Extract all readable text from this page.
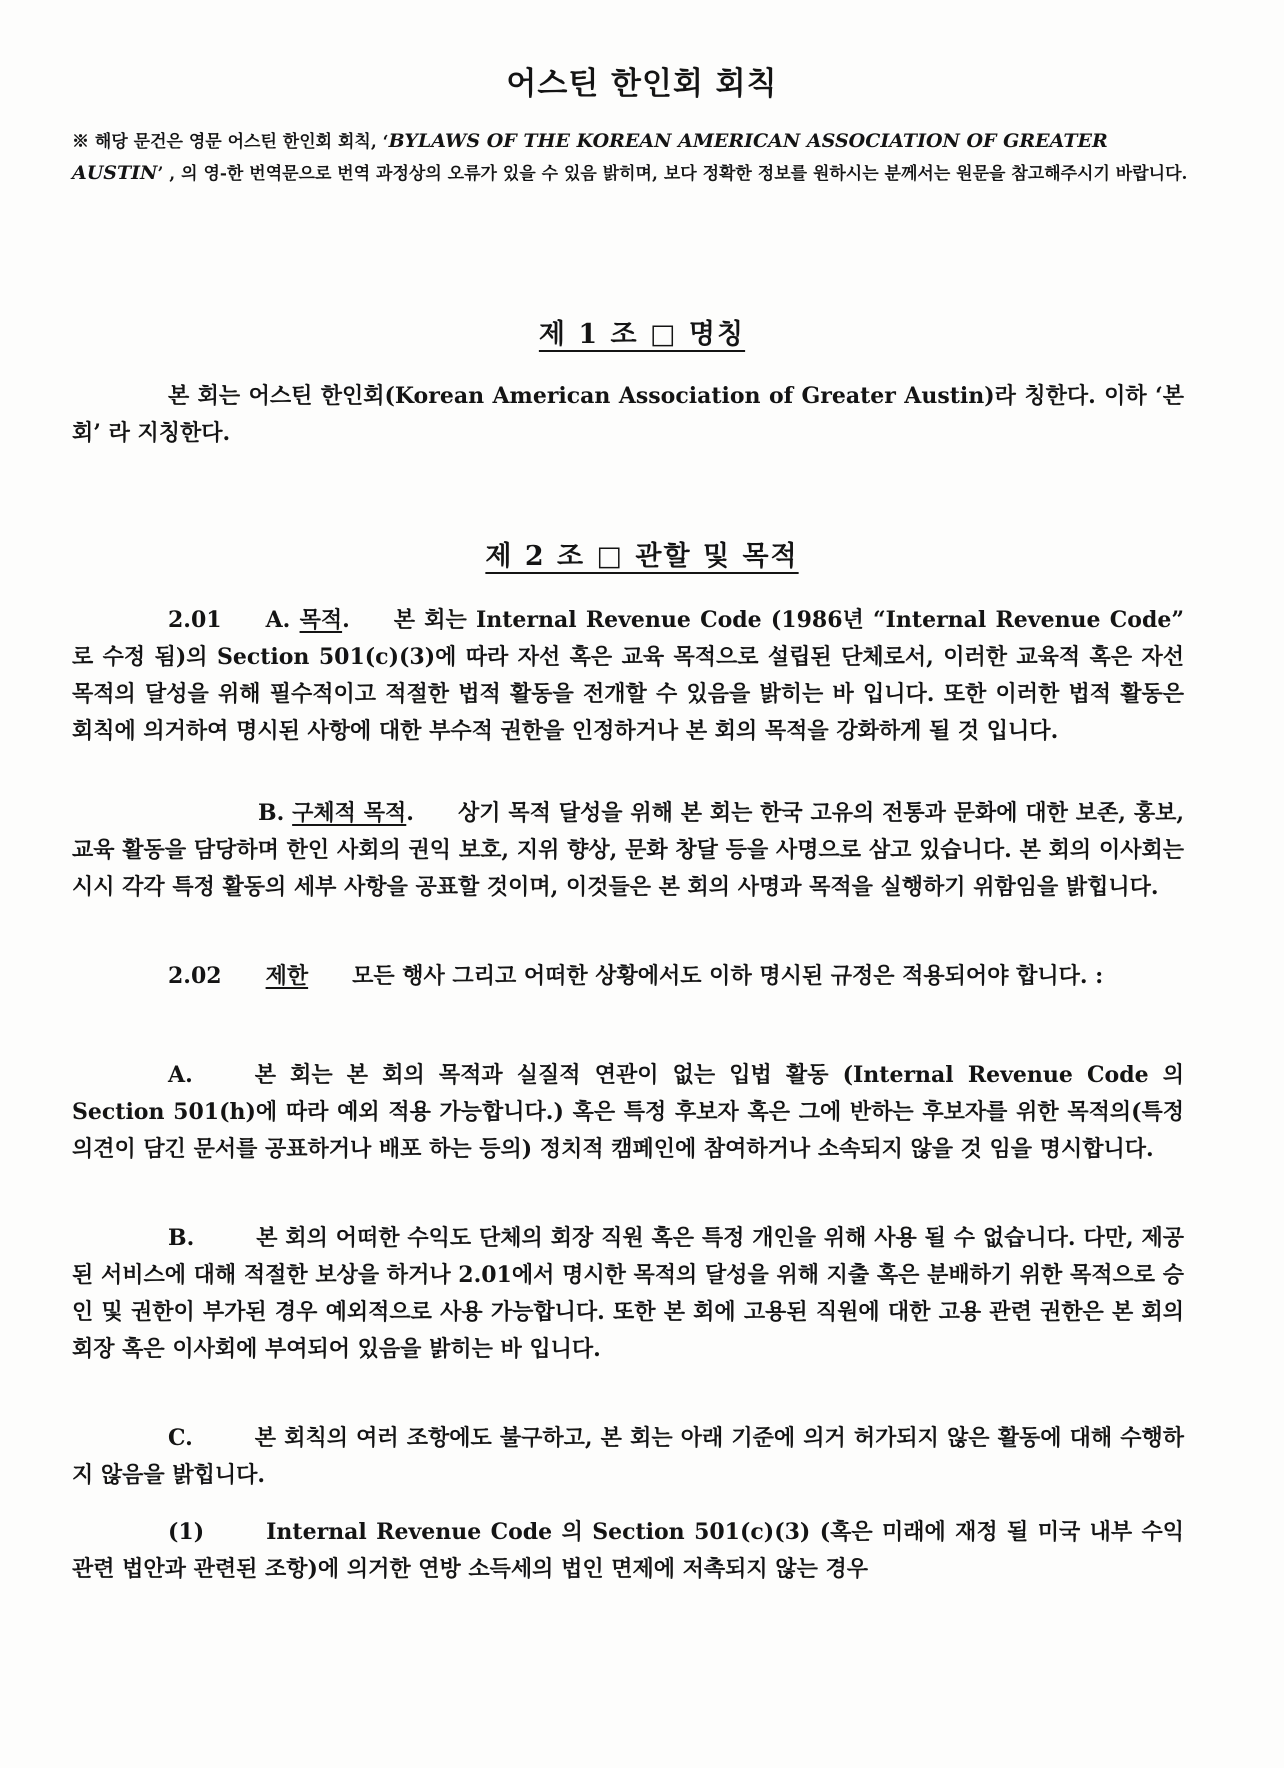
어스틴 한인회 회칙
※ 해당 문건은 영문 어스틴 한인회 회칙, ‘BYLAWS OF THE KOREAN AMERICAN ASSOCIATION OF GREATER AUSTIN’ , 의 영-한 번역문으로 번역 과정상의 오류가 있을 수 있음 밝히며, 보다 정확한 정보를 원하시는 분께서는 원문을 참고해주시기 바랍니다.
제 1 조 □ 명칭
본 회는 어스틴 한인회(Korean American Association of Greater Austin)라 칭한다. 이하 ‘본 회’ 라 지칭한다.
제 2 조 □ 관할 및 목적
2.01 A. 목적. 본 회는 Internal Revenue Code (1986년 “Internal Revenue Code” 로 수정 됨)의 Section 501(c)(3)에 따라 자선 혹은 교육 목적으로 설립된 단체로서, 이러한 교육적 혹은 자선 목적의 달성을 위해 필수적이고 적절한 법적 활동을 전개할 수 있음을 밝히는 바 입니다. 또한 이러한 법적 활동은 회칙에 의거하여 명시된 사항에 대한 부수적 권한을 인정하거나 본 회의 목적을 강화하게 될 것 입니다.
B. 구체적 목적. 상기 목적 달성을 위해 본 회는 한국 고유의 전통과 문화에 대한 보존, 홍보, 교육 활동을 담당하며 한인 사회의 권익 보호, 지위 향상, 문화 창달 등을 사명으로 삼고 있습니다. 본 회의 이사회는 시시 각각 특정 활동의 세부 사항을 공표할 것이며, 이것들은 본 회의 사명과 목적을 실행하기 위함임을 밝힙니다.
2.02 제한 모든 행사 그리고 어떠한 상황에서도 이하 명시된 규정은 적용되어야 합니다. :
A.	본 회는 본 회의 목적과 실질적 연관이 없는 입법 활동 (Internal Revenue Code 의 Section 501(h)에 따라 예외 적용 가능합니다.) 혹은 특정 후보자 혹은 그에 반하는 후보자를 위한 목적의(특정 의견이 담긴 문서를 공표하거나 배포 하는 등의) 정치적 캠페인에 참여하거나 소속되지 않을 것 임을 명시합니다.
B.	본 회의 어떠한 수익도 단체의 회장 직원 혹은 특정 개인을 위해 사용 될 수 없습니다. 다만, 제공된 서비스에 대해 적절한 보상을 하거나 2.01에서 명시한 목적의 달성을 위해 지출 혹은 분배하기 위한 목적으로 승인 및 권한이 부가된 경우 예외적으로 사용 가능합니다. 또한 본 회에 고용된 직원에 대한 고용 관련 권한은 본 회의 회장 혹은 이사회에 부여되어 있음을 밝히는 바 입니다.
C.	본 회칙의 여러 조항에도 불구하고, 본 회는 아래 기준에 의거 허가되지 않은 활동에 대해 수행하지 않음을 밝힙니다.
(1)	Internal Revenue Code 의 Section 501(c)(3) (혹은 미래에 재정 될 미국 내부 수익 관련 법안과 관련된 조항)에 의거한 연방 소득세의 법인 면제에 저촉되지 않는 경우
